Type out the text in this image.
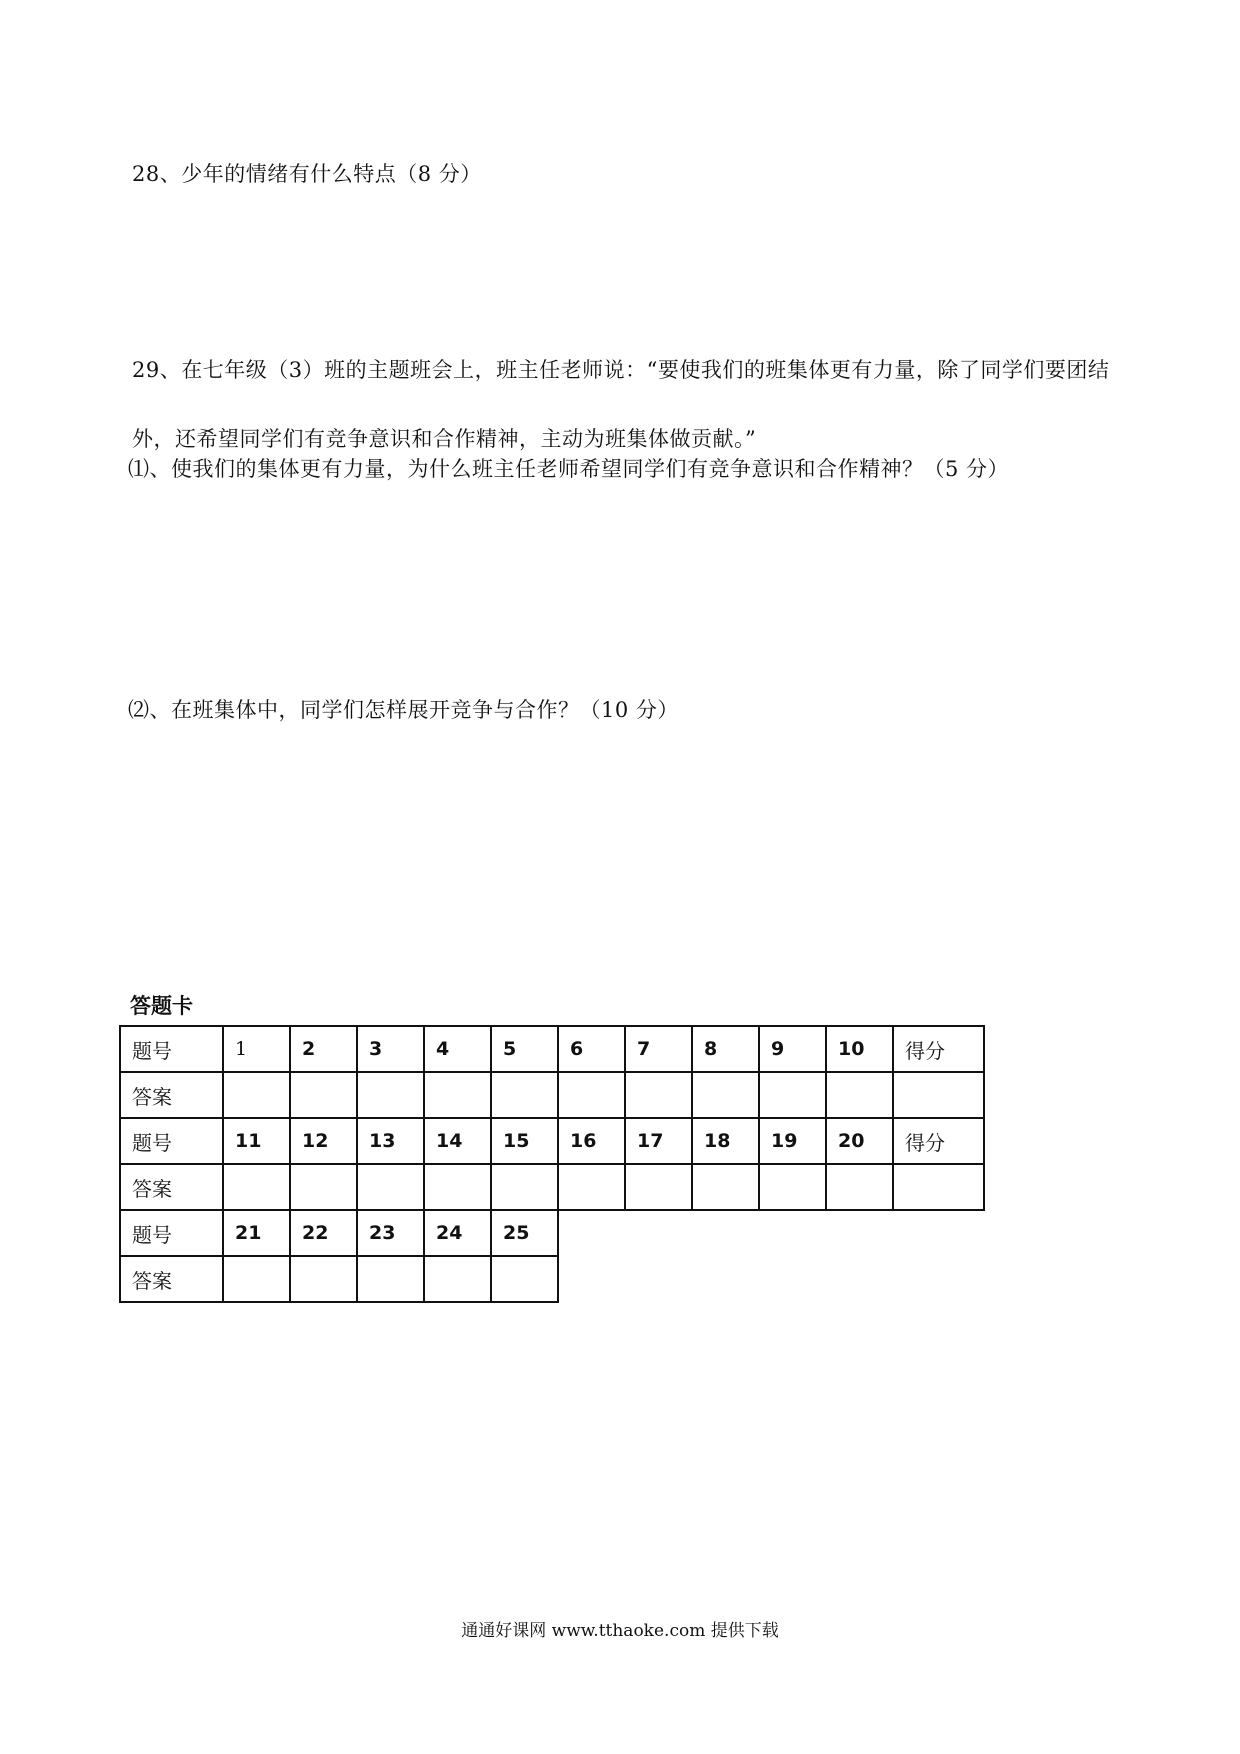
28、少年的情绪有什么特点（8 分）
29、在七年级（3）班的主题班会上，班主任老师说：“要使我们的班集体更有力量，除了同学们要团结
外，还希望同学们有竞争意识和合作精神，主动为班集体做贡献。”
⑴、使我们的集体更有力量，为什么班主任老师希望同学们有竞争意识和合作精神？（5 分）
⑵、在班集体中，同学们怎样展开竞争与合作？（10 分）
答题卡
题号	1	2	3	4	5	6	7	8	9	10	得分
答案											
题号	11	12	13	14	15	16	17	18	19	20	得分
答案											
题号	21	22	23	24	25						
答案											
通通好课网 www.tthaoke.com 提供下载
